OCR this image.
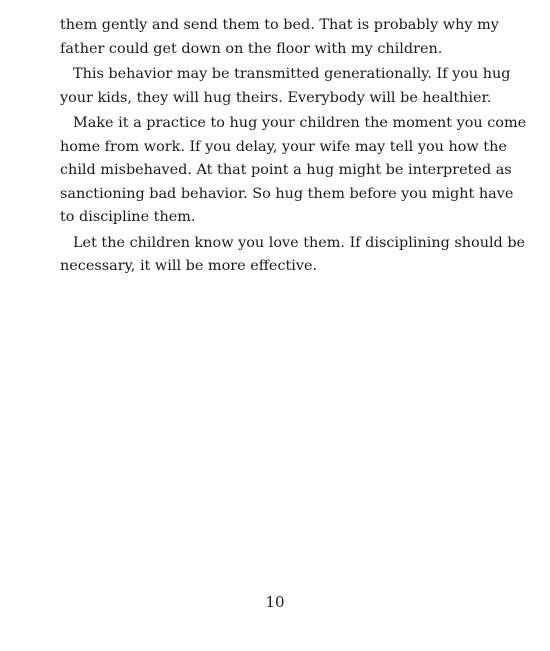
them gently and send them to bed. That is probably why my
father could get down on the floor with my children.
This behavior may be transmitted generationally. If you hug
your kids, they will hug theirs. Everybody will be healthier.
Make it a practice to hug your children the moment you come
home from work. If you delay, your wife may tell you how the
child misbehaved. At that point a hug might be interpreted as
sanctioning bad behavior. So hug them before you might have
to discipline them.
Let the children know you love them. If disciplining should be
necessary, it will be more effective.
10
